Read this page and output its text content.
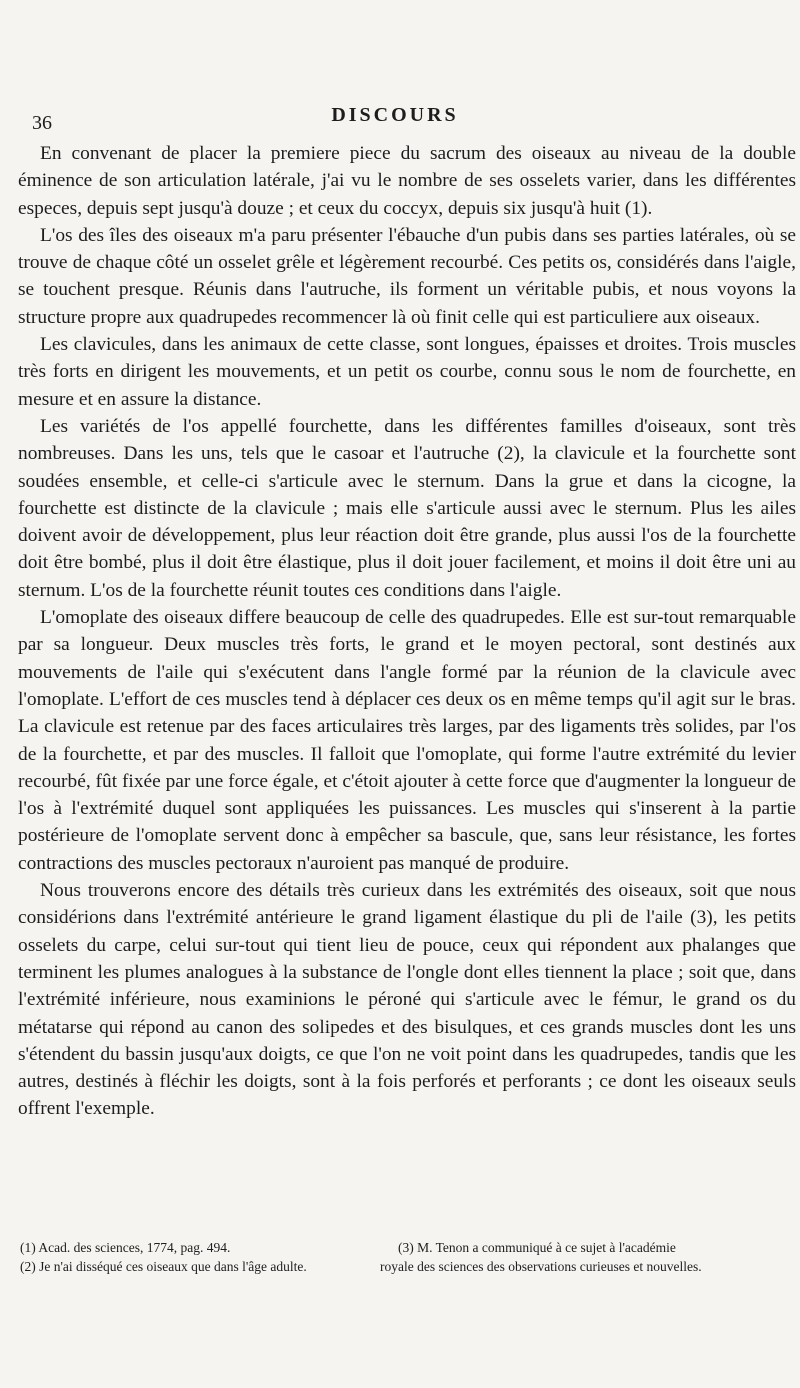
36	DISCOURS

En convenant de placer la premiere piece du sacrum des oiseaux au niveau de la double éminence de son articulation latérale, j'ai vu le nombre de ses osselets varier, dans les différentes especes, depuis sept jusqu'à douze ; et ceux du coccyx, depuis six jusqu'à huit (1).

L'os des îles des oiseaux m'a paru présenter l'ébauche d'un pubis dans ses parties latérales, où se trouve de chaque côté un osselet grêle et légèrement recourbé. Ces petits os, considérés dans l'aigle, se touchent presque. Réunis dans l'autruche, ils forment un véritable pubis, et nous voyons la structure propre aux quadrupedes recommencer là où finit celle qui est particuliere aux oiseaux.

Les clavicules, dans les animaux de cette classe, sont longues, épaisses et droites. Trois muscles très forts en dirigent les mouvements, et un petit os courbe, connu sous le nom de fourchette, en mesure et en assure la distance.

Les variétés de l'os appellé fourchette, dans les différentes familles d'oiseaux, sont très nombreuses. Dans les uns, tels que le casoar et l'autruche (2), la clavicule et la fourchette sont soudées ensemble, et celle-ci s'articule avec le sternum. Dans la grue et dans la cicogne, la fourchette est distincte de la clavicule ; mais elle s'articule aussi avec le sternum. Plus les ailes doivent avoir de développement, plus leur réaction doit être grande, plus aussi l'os de la fourchette doit être bombé, plus il doit être élastique, plus il doit jouer facilement, et moins il doit être uni au sternum. L'os de la fourchette réunit toutes ces conditions dans l'aigle.

L'omoplate des oiseaux differe beaucoup de celle des quadrupedes. Elle est sur-tout remarquable par sa longueur. Deux muscles très forts, le grand et le moyen pectoral, sont destinés aux mouvements de l'aile qui s'exécutent dans l'angle formé par la réunion de la clavicule avec l'omoplate. L'effort de ces muscles tend à déplacer ces deux os en même temps qu'il agit sur le bras. La clavicule est retenue par des faces articulaires très larges, par des ligaments très solides, par l'os de la fourchette, et par des muscles. Il falloit que l'omoplate, qui forme l'autre extrémité du levier recourbé, fût fixée par une force égale, et c'étoit ajouter à cette force que d'augmenter la longueur de l'os à l'extrémité duquel sont appliquées les puissances. Les muscles qui s'inserent à la partie postérieure de l'omoplate servent donc à empêcher sa bascule, que, sans leur résistance, les fortes contractions des muscles pectoraux n'auroient pas manqué de produire.

Nous trouverons encore des détails très curieux dans les extrémités des oiseaux, soit que nous considérions dans l'extrémité antérieure le grand ligament élastique du pli de l'aile (3), les petits osselets du carpe, celui sur-tout qui tient lieu de pouce, ceux qui répondent aux phalanges que terminent les plumes analogues à la substance de l'ongle dont elles tiennent la place ; soit que, dans l'extrémité inférieure, nous examinions le péroné qui s'articule avec le fémur, le grand os du métatarse qui répond au canon des solipedes et des bisulques, et ces grands muscles dont les uns s'étendent du bassin jusqu'aux doigts, ce que l'on ne voit point dans les quadrupedes, tandis que les autres, destinés à fléchir les doigts, sont à la fois perforés et perforants ; ce dont les oiseaux seuls offrent l'exemple.

(1) Acad. des sciences, 1774, pag. 494.
(2) Je n'ai disséqué ces oiseaux que dans l'âge adulte.
(3) M. Tenon a communiqué à ce sujet à l'académie
royale des sciences des observations curieuses et nouvelles.
